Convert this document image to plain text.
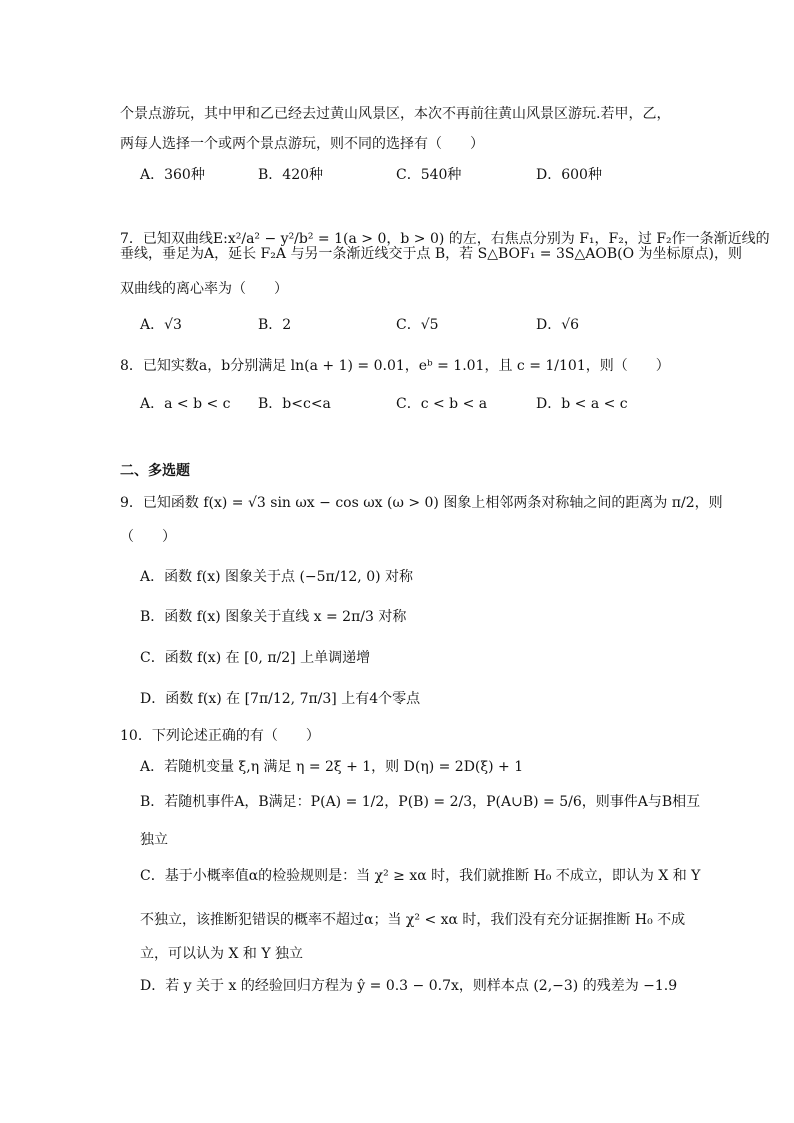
个景点游玩，其中甲和乙已经去过黄山风景区，本次不再前往黄山风景区游玩.若甲，乙，
两每人选择一个或两个景点游玩，则不同的选择有（　　）
A．360种	B．420种	C．540种	D．600种
7．已知双曲线E:x²/a² − y²/b² = 1(a > 0，b > 0) 的左，右焦点分别为 F₁，F₂，过 F₂作一条渐近线的
垂线，垂足为A，延长 F₂A 与另一条渐近线交于点 B，若 S△BOF₁ = 3S△AOB(O 为坐标原点)，则
双曲线的离心率为（　　）
A．√3	B．2	C．√5	D．√6
8．已知实数a，b分别满足 ln(a + 1) = 0.01，eᵇ = 1.01，且 c = 1/101，则（　　）
A．a < b < c B．b<c<a	C．c < b < a	D．b < a < c
二、多选题
9．已知函数 f(x) = √3 sin ωx − cos ωx (ω > 0) 图象上相邻两条对称轴之间的距离为 π/2，则
（　　）
A．函数 f(x) 图象关于点 (−5π/12, 0) 对称
B．函数 f(x) 图象关于直线 x = 2π/3 对称
C．函数 f(x) 在 [0, π/2] 上单调递增
D．函数 f(x) 在 [7π/12, 7π/3] 上有4个零点
10．下列论述正确的有（　　）
A．若随机变量 ξ,η 满足 η = 2ξ + 1，则 D(η) = 2D(ξ) + 1
B．若随机事件A，B满足：P(A) = 1/2，P(B) = 2/3，P(A∪B) = 5/6，则事件A与B相互
独立
C．基于小概率值α的检验规则是：当 χ² ≥ xα 时，我们就推断 H₀ 不成立，即认为 X 和 Y
不独立，该推断犯错误的概率不超过α；当 χ² < xα 时，我们没有充分证据推断 H₀ 不成
立，可以认为 X 和 Y 独立
D．若 y 关于 x 的经验回归方程为 ŷ = 0.3 − 0.7x，则样本点 (2,−3) 的残差为 −1.9
